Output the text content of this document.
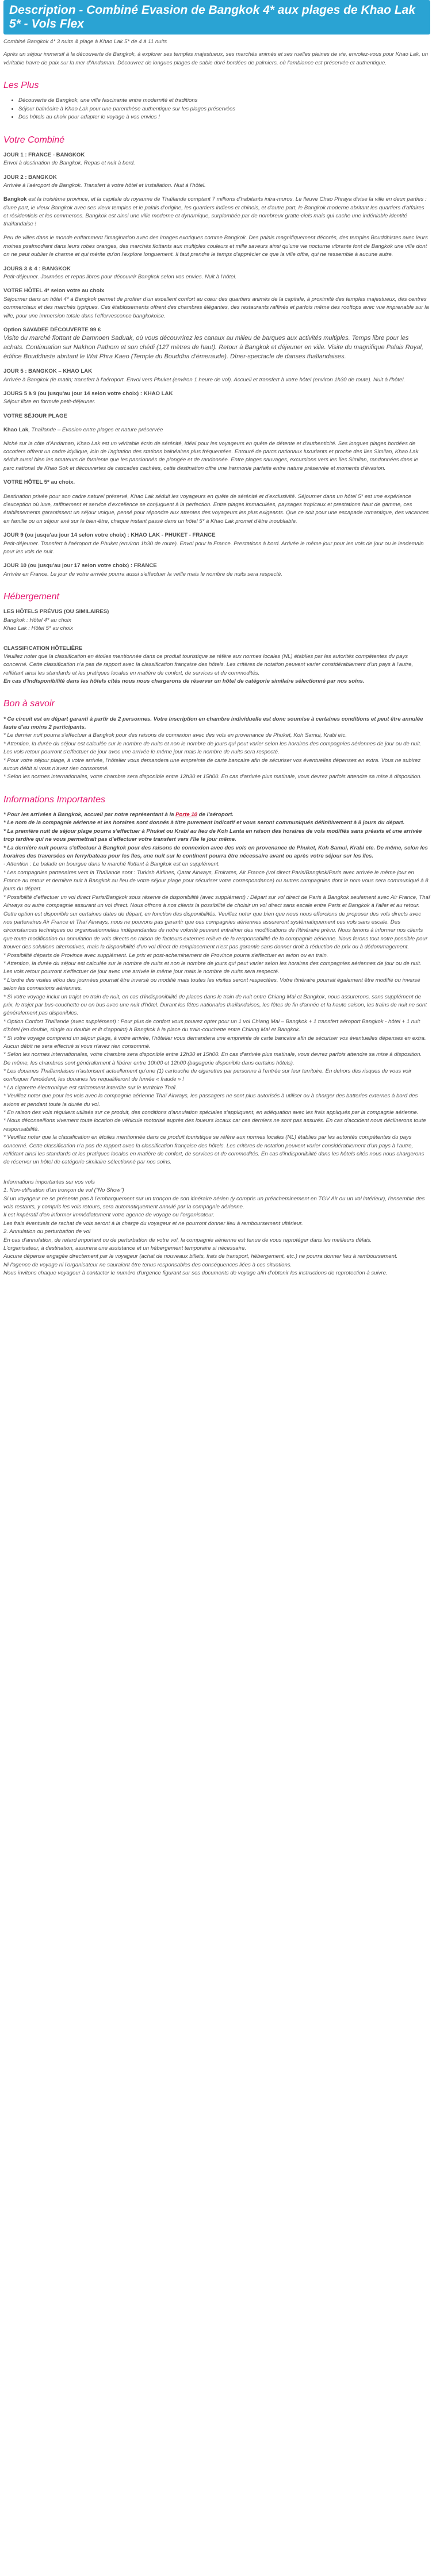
Description - Combiné Evasion de Bangkok 4* aux plages de Khao Lak 5* - Vols Flex

Combiné Bangkok 4* 3 nuits & plage à Khao Lak 5* de 4 à 11 nuits

Après un séjour immersif à la découverte de Bangkok, à explorer ses temples majestueux, ses marchés animés et ses ruelles pleines de vie, envolez-vous pour Khao Lak, un véritable havre de paix sur la mer d'Andaman. Découvrez de longues plages de sable doré bordées de palmiers, où l'ambiance est préservée et authentique.

Les Plus
• Découverte de Bangkok, une ville fascinante entre modernité et traditions
• Séjour balnéaire à Khao Lak pour une parenthèse authentique sur les plages préservées
• Des hôtels au choix pour adapter le voyage à vos envies !
Votre Combiné
JOUR 1 : FRANCE - BANGKOK
Envol à destination de Bangkok. Repas et nuit à bord.
JOUR 2 : BANGKOK
Arrivée à l'aéroport de Bangkok. Transfert à votre hôtel et installation. Nuit à l'hôtel.

Bangkok est la troisième province, et la capitale du royaume de Thaïlande comptant 7 millions d'habitants intra-muros. Le fleuve Chao Phraya divise la ville en deux parties : d'une part, le vieux Bangkok avec ses vieux temples et le palais d'origine, les quartiers indiens et chinois, et d'autre part, le Bangkok moderne abritant les quartiers d'affaires et résidentiels et les commerces. Bangkok est ainsi une ville moderne et dynamique, surplombée par de nombreux gratte-ciels mais qui cache une indéniable identité thaïlandaise !

Peu de villes dans le monde enflamment l'imagination avec des images exotiques comme Bangkok. Des palais magnifiquement décorés, des temples Bouddhistes avec leurs moines psalmodiant dans leurs robes oranges, des marchés flottants aux multiples couleurs et mille saveurs ainsi qu'une vie nocturne vibrante font de Bangkok une ville dont on ne peut oublier le charme et qui mérite qu'on l'explore longuement. Il faut prendre le temps d'apprécier ce que la ville offre, qui ne ressemble à aucune autre.

JOURS 3 & 4 : BANGKOK
Petit-déjeuner. Journées et repas libres pour découvrir Bangkok selon vos envies. Nuit à l'hôtel.
VOTRE HÔTEL 4* selon votre au choix
Séjourner dans un hôtel 4* à Bangkok permet de profiter d'un excellent confort au cœur des quartiers animés de la capitale, à proximité des temples majestueux, des centres commerciaux et des marchés typiques. Ces établissements offrent des chambres élégantes, des restaurants raffinés et parfois même des rooftops avec vue imprenable sur la ville, pour une immersion totale dans l'effervescence bangkokoise.
Option SAVADEE DÉCOUVERTE 99 €
Visite du marché flottant de Damnoen Saduak, où vous découvrirez les canaux au milieu de barques aux activités multiples. Temps libre pour les achats. Continuation sur Nakhon Pathom et son chédi (127 mètres de haut). Retour à Bangkok et déjeuner en ville. Visite du magnifique Palais Royal, édifice Bouddhiste abritant le Wat Phra Kaeo (Temple du Bouddha d'émeraude). Dîner-spectacle de danses thaïlandaises.
JOUR 5 : BANGKOK – KHAO LAK
Arrivée à Bangkok (le matin; transfert à l'aéroport. Envol vers Phuket (environ 1 heure de vol). Accueil et transfert à votre hôtel (environ 1h30 de route). Nuit à l'hôtel.
JOURS 5 à 9 (ou jusqu'au jour 14 selon votre choix) : KHAO LAK
Séjour libre en formule petit-déjeuner.
VOTRE SÉJOUR PLAGE

Khao Lak, Thaïlande – Évasion entre plages et nature préservée

Niché sur la côte d'Andaman, Khao Lak est un véritable écrin de sérénité, idéal pour les voyageurs en quête de détente et d'authenticité. Ses longues plages bordées de cocotiers offrent un cadre idyllique, loin de l'agitation des stations balnéaires plus fréquentées. Entouré de parcs nationaux luxuriants et proche des îles Similan, Khao Lak séduit aussi bien les amateurs de farniente que les passionnés de plongée et de randonnée. Entre plages sauvages, excursions vers les îles Similan, randonnées dans le parc national de Khao Sok et découvertes de cascades cachées, cette destination offre une harmonie parfaite entre nature préservée et moments d'évasion.
VOTRE HÔTEL 5* au choix.
Destination privée pour son cadre naturel préservé, Khao Lak séduit les voyageurs en quête de sérénité et d'exclusivité. Séjourner dans un hôtel 5* est une expérience d'exception où luxe, raffinement et service d'excellence se conjuguent à la perfection. Entre plages immaculées, paysages tropicaux et prestations haut de gamme, ces établissements garantissent un séjour unique, pensé pour répondre aux attentes des voyageurs les plus exigeants. Que ce soit pour une escapade romantique, des vacances en famille ou un séjour axé sur le bien-être, chaque instant passé dans un hôtel 5* à Khao Lak promet d'être inoubliable.
JOUR 9 (ou jusqu'au jour 14 selon votre choix) : KHAO LAK - PHUKET - FRANCE
Petit-déjeuner. Transfert à l'aéroport de Phuket (environ 1h30 de route). Envol pour la France. Prestations à bord. Arrivée le même jour pour les vols de jour ou le lendemain pour les vols de nuit.
JOUR 10 (ou jusqu'au jour 17 selon votre choix) : FRANCE
Arrivée en France. Le jour de votre arrivée pourra aussi s'effectuer la veille mais le nombre de nuits sera respecté.
Hébergement
LES HÔTELS PRÉVUS (OU SIMILAIRES)
Bangkok : Hôtel 4* au choix
Khao Lak : Hôtel 5* au choix
CLASSIFICATION HÔTELIÈRE
Veuillez noter que la classification en étoiles mentionnée dans ce produit touristique se réfère aux normes locales (NL) établies par les autorités compétentes du pays concerné. Cette classification n'a pas de rapport avec la classification française des hôtels. Les critères de notation peuvent varier considérablement d'un pays à l'autre, reflétant ainsi les standards et les pratiques locales en matière de confort, de services et de commodités.
En cas d'indisponibilité dans les hôtels cités nous nous chargerons de réserver un hôtel de catégorie similaire sélectionné par nos soins.
Bon à savoir

* Ce circuit est en départ garanti à partir de 2 personnes. Votre inscription en chambre individuelle est donc soumise à certaines conditions et peut être annulée faute d'au moins 2 participants.

* Le dernier nuit pourra s'effectuer à Bangkok pour des raisons de connexion avec des vols en provenance de Phuket, Koh Samui, Krabi etc.

* Attention, la durée du séjour est calculée sur le nombre de nuits et non le nombre de jours qui peut varier selon les horaires des compagnies aériennes de jour ou de nuit. Les vols retour pourront s'effectuer de jour avec une arrivée le même jour mais le nombre de nuits sera respecté.

* Pour votre séjour plage, à votre arrivée, l'hôtelier vous demandera une empreinte de carte bancaire afin de sécuriser vos éventuelles dépenses en extra. Vous ne subirez aucun débit si vous n'avez rien consommé.

* Selon les normes internationales, votre chambre sera disponible entre 12h30 et 15h00. En cas d'arrivée plus matinale, vous devrez parfois attendre sa mise à disposition.

Informations Importantes

* Pour les arrivées à Bangkok, accueil par notre représentant à la Porte 10 de l'aéroport.

* Le nom de la compagnie aérienne et les horaires sont donnés à titre purement indicatif et vous seront communiqués définitivement à 8 jours du départ.

* La première nuit de séjour plage pourra s'effectuer à Phuket ou Krabi au lieu de Koh Lanta en raison des horaires de vols modifiés sans préavis et une arrivée trop tardive qui ne vous permettrait pas d'effectuer votre transfert vers l'île le jour même.

* La dernière nuit pourra s'effectuer à Bangkok pour des raisons de connexion avec des vols en provenance de Phuket, Koh Samui, Krabi etc. De même, selon les horaires des traversées en ferry/bateau pour les îles, une nuit sur le continent pourra être nécessaire avant ou après votre séjour sur les îles.

- Attention : Le balade en bourgue dans le marché flottant à Bangkok est en supplément.

* Les compagnies partenaires vers la Thaïlande sont : Turkish Airlines, Qatar Airways, Emirates, Air France (vol direct Paris/Bangkok/Paris avec arrivée le même jour en France au retour et dernière nuit à Bangkok au lieu de votre séjour plage pour sécuriser votre correspondance) ou autres compagnies dont le nom vous sera communiqué à 8 jours du départ.

* Possibilité d'effectuer un vol direct Paris/Bangkok sous réserve de disponibilité (avec supplément) : Départ sur vol direct de Paris à Bangkok seulement avec Air France, Thaï Airways ou autre compagnie assurant un vol direct. Nous offrons à nos clients la possibilité de choisir un vol direct sans escale entre Paris et Bangkok à l'aller et au retour. Cette option est disponible sur certaines dates de départ, en fonction des disponibilités. Veuillez noter que bien que nous nous efforcions de proposer des vols directs avec nos partenaires Air France et Thaï Airways, nous ne pouvons pas garantir que ces compagnies aériennes assureront systématiquement ces vols sans escale. Des circonstances techniques ou organisationnelles indépendantes de notre volonté peuvent entraîner des modifications de l'itinéraire prévu. Nous tenons à informer nos clients que toute modification ou annulation de vols directs en raison de facteurs externes relève de la responsabilité de la compagnie aérienne. Nous ferons tout notre possible pour trouver des solutions alternatives, mais la disponibilité d'un vol direct de remplacement n'est pas garantie sans donner droit à réduction de prix ou à dédommagement.

* Possibilité départs de Province avec supplément. Le prix et post-acheminement de Province pourra s'effectuer en avion ou en train.

* Attention, la durée du séjour est calculée sur le nombre de nuits et non le nombre de jours qui peut varier selon les horaires des compagnies aériennes de jour ou de nuit. Les vols retour pourront s'effectuer de jour avec une arrivée le même jour mais le nombre de nuits sera respecté.

* L'ordre des visites et/ou des journées pourrait être inversé ou modifié mais toutes les visites seront respectées. Votre itinéraire pourrait également être modifié ou inversé selon les connexions aériennes.

* Si votre voyage inclut un trajet en train de nuit, en cas d'indisponibilité de places dans le train de nuit entre Chiang Mai et Bangkok, nous assurerons, sans supplément de prix, le trajet par bus-couchette ou en bus avec une nuit d'hôtel. Durant les fêtes nationales thaïlandaises, les fêtes de fin d'année et la haute saison, les trains de nuit ne sont généralement pas disponibles.

* Option Confort Thaïlande (avec supplément) : Pour plus de confort vous pouvez opter pour un 1 vol Chiang Mai – Bangkok + 1 transfert aéroport Bangkok - hôtel + 1 nuit d'hôtel (en double, single ou double et lit d'appoint) à Bangkok à la place du train-couchette entre Chiang Mai et Bangkok.

* Si votre voyage comprend un séjour plage, à votre arrivée, l'hôtelier vous demandera une empreinte de carte bancaire afin de sécuriser vos éventuelles dépenses en extra. Aucun débit ne sera effectué si vous n'avez rien consommé.

* Selon les normes internationales, votre chambre sera disponible entre 12h30 et 15h00. En cas d'arrivée plus matinale, vous devrez parfois attendre sa mise à disposition. De même, les chambres sont généralement à libérer entre 10h00 et 12h00 (bagagerie disponible dans certains hôtels).

* Les douanes Thaïlandaises n'autorisent actuellement qu'une (1) cartouche de cigarettes par personne à l'entrée sur leur territoire. En dehors des risques de vous voir confisquer l'excédent, les douanes les requalifieront de fumée « fraude » !

* La cigarette électronique est strictement interdite sur le territoire Thaï.

* Veuillez noter que pour les vols avec la compagnie aérienne Thaï Airways, les passagers ne sont plus autorisés à utiliser ou à charger des batteries externes à bord des avions et pendant toute la durée du vol.

* En raison des vols réguliers utilisés sur ce produit, des conditions d'annulation spéciales s'appliquent, en adéquation avec les frais appliqués par la compagnie aérienne.

* Nous déconseillons vivement toute location de véhicule motorisé auprès des loueurs locaux car ces derniers ne sont pas assurés. En cas d'accident nous déclinerons toute responsabilité.

* Veuillez noter que la classification en étoiles mentionnée dans ce produit touristique se réfère aux normes locales (NL) établies par les autorités compétentes du pays concerné. Cette classification n'a pas de rapport avec la classification française des hôtels. Les critères de notation peuvent varier considérablement d'un pays à l'autre, reflétant ainsi les standards et les pratiques locales en matière de confort, de services et de commodités. En cas d'indisponibilité dans les hôtels cités nous nous chargerons de réserver un hôtel de catégorie similaire sélectionné par nos soins.

Informations importantes sur vos vols

1. Non-utilisation d'un tronçon de vol ("No Show")

Si un voyageur ne se présente pas à l'embarquement sur un tronçon de son itinéraire aérien (y compris un préacheminement en TGV Air ou un vol intérieur), l'ensemble des vols restants, y compris les vols retours, sera automatiquement annulé par la compagnie aérienne.

Il est impératif d'en informer immédiatement votre agence de voyage ou l'organisateur.

Les frais éventuels de rachat de vols seront à la charge du voyageur et ne pourront donner lieu à remboursement ultérieur.

2. Annulation ou perturbation de vol

En cas d'annulation, de retard important ou de perturbation de votre vol, la compagnie aérienne est tenue de vous reprotéger dans les meilleurs délais.

L'organisateur, à destination, assurera une assistance et un hébergement temporaire si nécessaire.

Aucune dépense engagée directement par le voyageur (achat de nouveaux billets, frais de transport, hébergement, etc.) ne pourra donner lieu à remboursement.

Ni l'agence de voyage ni l'organisateur ne sauraient être tenus responsables des conséquences liées à ces situations.

Nous invitons chaque voyageur à contacter le numéro d'urgence figurant sur ses documents de voyage afin d'obtenir les instructions de reprotection à suivre.
